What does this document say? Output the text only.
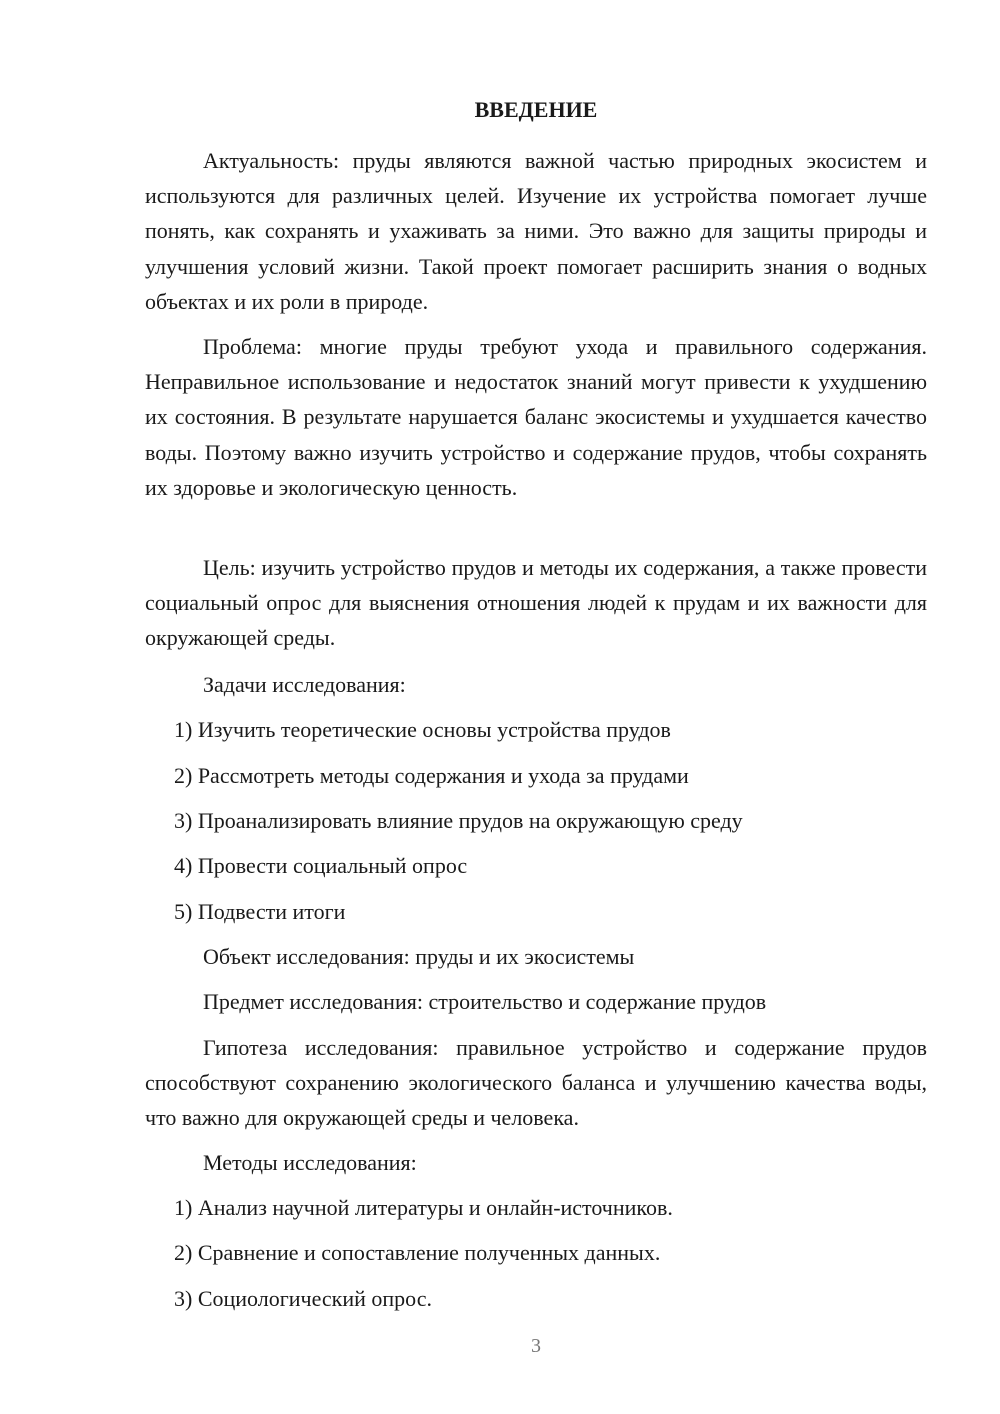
ВВЕДЕНИЕ

Актуальность: пруды являются важной частью природных экосистем и используются для различных целей. Изучение их устройства помогает лучше понять, как сохранять и ухаживать за ними. Это важно для защиты природы и улучшения условий жизни. Такой проект помогает расширить знания о водных объектах и их роли в природе.

Проблема: многие пруды требуют ухода и правильного содержания. Неправильное использование и недостаток знаний могут привести к ухудшению их состояния. В результате нарушается баланс экосистемы и ухудшается качество воды. Поэтому важно изучить устройство и содержание прудов, чтобы сохранять их здоровье и экологическую ценность.

Цель: изучить устройство прудов и методы их содержания, а также провести социальный опрос для выяснения отношения людей к прудам и их важности для окружающей среды.

Задачи исследования:

1) Изучить теоретические основы устройства прудов

2) Рассмотреть методы содержания и ухода за прудами

3) Проанализировать влияние прудов на окружающую среду

4) Провести социальный опрос

5) Подвести итоги

Объект исследования: пруды и их экосистемы

Предмет исследования: строительство и содержание прудов

Гипотеза исследования: правильное устройство и содержание прудов способствуют сохранению экологического баланса и улучшению качества воды, что важно для окружающей среды и человека.

Методы исследования:

1) Анализ научной литературы и онлайн-источников.

2) Сравнение и сопоставление полученных данных.

3) Социологический опрос.

3
